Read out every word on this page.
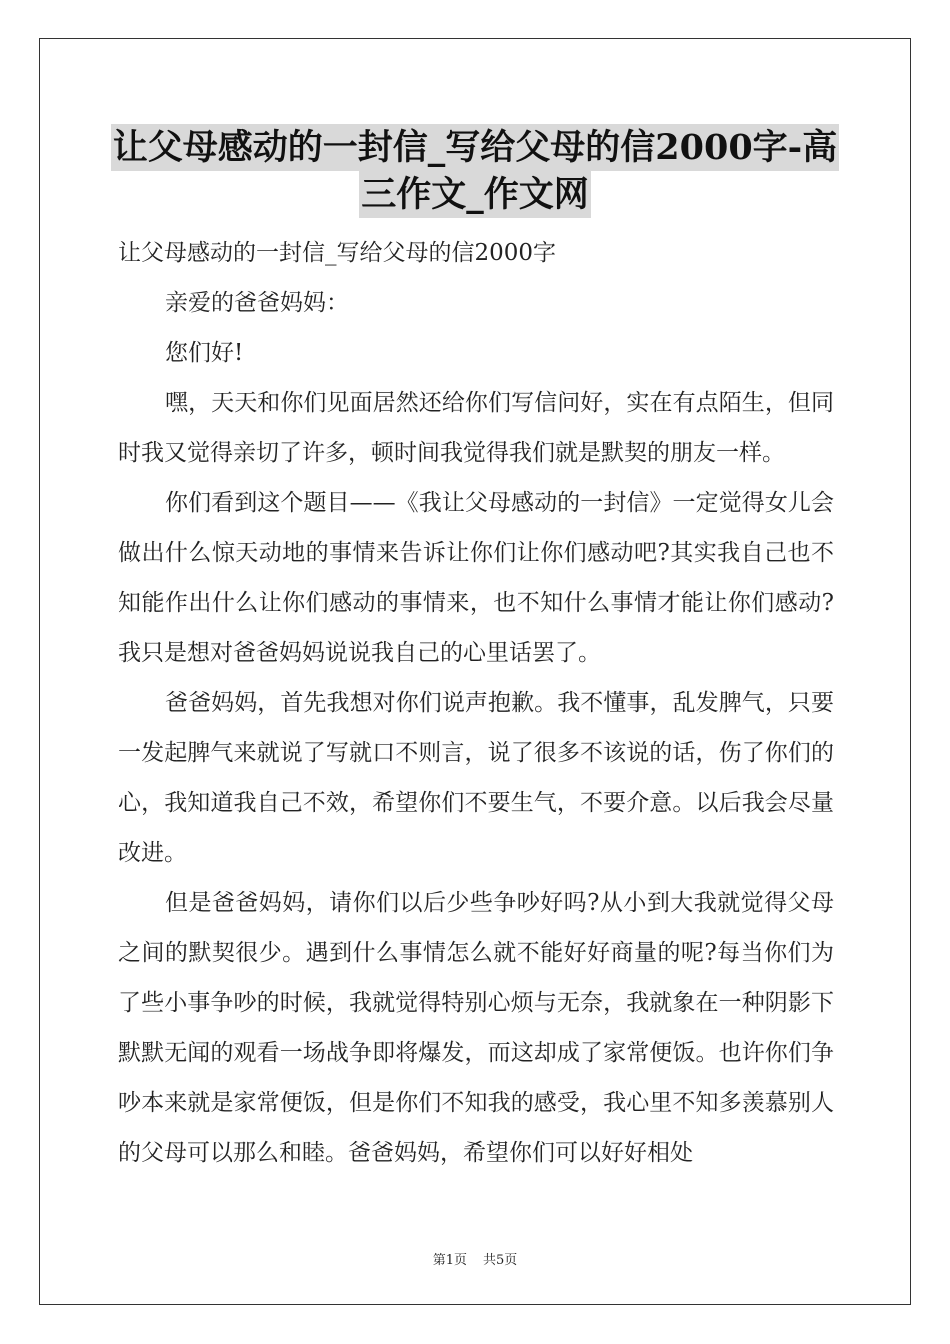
让父母感动的一封信_写给父母的信2000字-高
三作文_作文网

让父母感动的一封信_写给父母的信2000字

亲爱的爸爸妈妈：

您们好!

嘿，天天和你们见面居然还给你们写信问好，实在有点陌生，但同时我又觉得亲切了许多，顿时间我觉得我们就是默契的朋友一样。

你们看到这个题目——《我让父母感动的一封信》一定觉得女儿会做出什么惊天动地的事情来告诉让你们让你们感动吧?其实我自己也不知能作出什么让你们感动的事情来，也不知什么事情才能让你们感动?我只是想对爸爸妈妈说说我自己的心里话罢了。

爸爸妈妈，首先我想对你们说声抱歉。我不懂事，乱发脾气，只要一发起脾气来就说了写就口不则言，说了很多不该说的话，伤了你们的心，我知道我自己不效，希望你们不要生气，不要介意。以后我会尽量改进。

但是爸爸妈妈，请你们以后少些争吵好吗?从小到大我就觉得父母之间的默契很少。遇到什么事情怎么就不能好好商量的呢?每当你们为了些小事争吵的时候，我就觉得特别心烦与无奈，我就象在一种阴影下默默无闻的观看一场战争即将爆发，而这却成了家常便饭。也许你们争吵本来就是家常便饭，但是你们不知我的感受，我心里不知多羡慕别人的父母可以那么和睦。爸爸妈妈，希望你们可以好好相处

第1页 共5页
